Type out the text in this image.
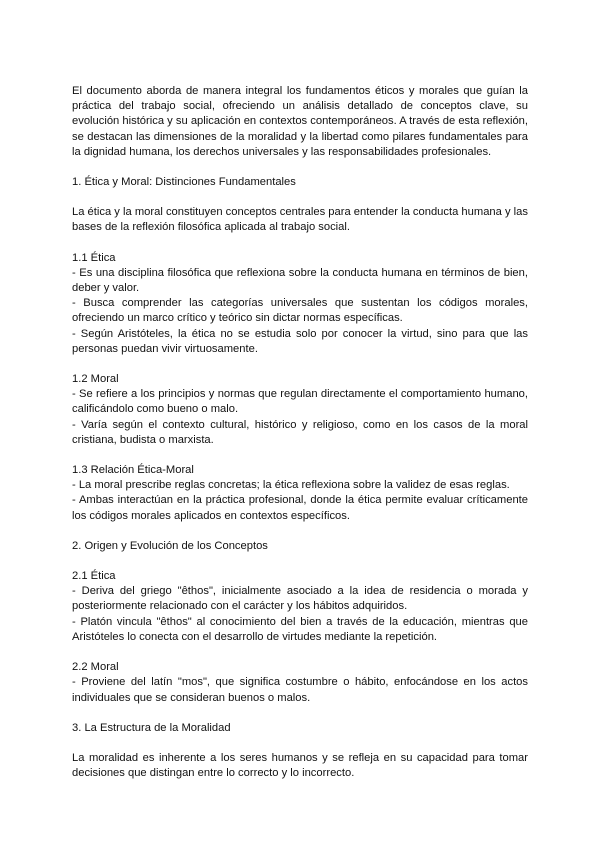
El documento aborda de manera integral los fundamentos éticos y morales que guían la práctica del trabajo social, ofreciendo un análisis detallado de conceptos clave, su evolución histórica y su aplicación en contextos contemporáneos. A través de esta reflexión, se destacan las dimensiones de la moralidad y la libertad como pilares fundamentales para la dignidad humana, los derechos universales y las responsabilidades profesionales.

1. Ética y Moral: Distinciones Fundamentales

La ética y la moral constituyen conceptos centrales para entender la conducta humana y las bases de la reflexión filosófica aplicada al trabajo social.

1.1 Ética

- Es una disciplina filosófica que reflexiona sobre la conducta humana en términos de bien, deber y valor.

- Busca comprender las categorías universales que sustentan los códigos morales, ofreciendo un marco crítico y teórico sin dictar normas específicas.

- Según Aristóteles, la ética no se estudia solo por conocer la virtud, sino para que las personas puedan vivir virtuosamente.

1.2 Moral

- Se refiere a los principios y normas que regulan directamente el comportamiento humano, calificándolo como bueno o malo.

- Varía según el contexto cultural, histórico y religioso, como en los casos de la moral cristiana, budista o marxista.

1.3 Relación Ética-Moral

- La moral prescribe reglas concretas; la ética reflexiona sobre la validez de esas reglas.

- Ambas interactúan en la práctica profesional, donde la ética permite evaluar críticamente los códigos morales aplicados en contextos específicos.

2. Origen y Evolución de los Conceptos

2.1 Ética

- Deriva del griego "êthos", inicialmente asociado a la idea de residencia o morada y posteriormente relacionado con el carácter y los hábitos adquiridos.

- Platón vincula "êthos" al conocimiento del bien a través de la educación, mientras que Aristóteles lo conecta con el desarrollo de virtudes mediante la repetición.

2.2 Moral

- Proviene del latín "mos", que significa costumbre o hábito, enfocándose en los actos individuales que se consideran buenos o malos.

3. La Estructura de la Moralidad

La moralidad es inherente a los seres humanos y se refleja en su capacidad para tomar decisiones que distingan entre lo correcto y lo incorrecto.
